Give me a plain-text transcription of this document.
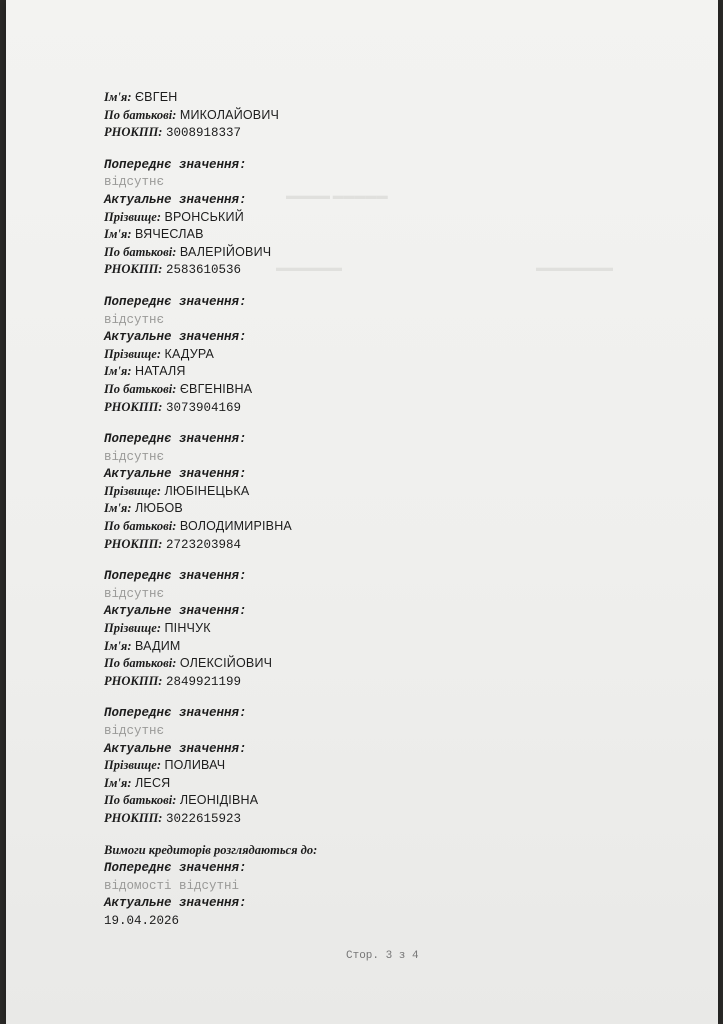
▬▬▬▬▬ ▬▬▬▬
▬▬▬▬▬▬	▬▬▬▬▬▬▬
Ім'я: ЄВГЕН
По батькові: МИКОЛАЙОВИЧ
РНОКПП: 3008918337
Попереднє значення:
відсутнє
Актуальне значення:
Прізвище: ВРОНСЬКИЙ
Ім'я: ВЯЧЕСЛАВ
По батькові: ВАЛЕРІЙОВИЧ
РНОКПП: 2583610536
Попереднє значення:
відсутнє
Актуальне значення:
Прізвище: КАДУРА
Ім'я: НАТАЛЯ
По батькові: ЄВГЕНІВНА
РНОКПП: 3073904169
Попереднє значення:
відсутнє
Актуальне значення:
Прізвище: ЛЮБІНЕЦЬКА
Ім'я: ЛЮБОВ
По батькові: ВОЛОДИМИРІВНА
РНОКПП: 2723203984
Попереднє значення:
відсутнє
Актуальне значення:
Прізвище: ПІНЧУК
Ім'я: ВАДИМ
По батькові: ОЛЕКСІЙОВИЧ
РНОКПП: 2849921199
Попереднє значення:
відсутнє
Актуальне значення:
Прізвище: ПОЛИВАЧ
Ім'я: ЛЕСЯ
По батькові: ЛЕОНІДІВНА
РНОКПП: 3022615923
Вимоги кредиторів розглядаються до:
Попереднє значення:
відомості відсутні
Актуальне значення:
19.04.2026
Стор. 3 з 4
